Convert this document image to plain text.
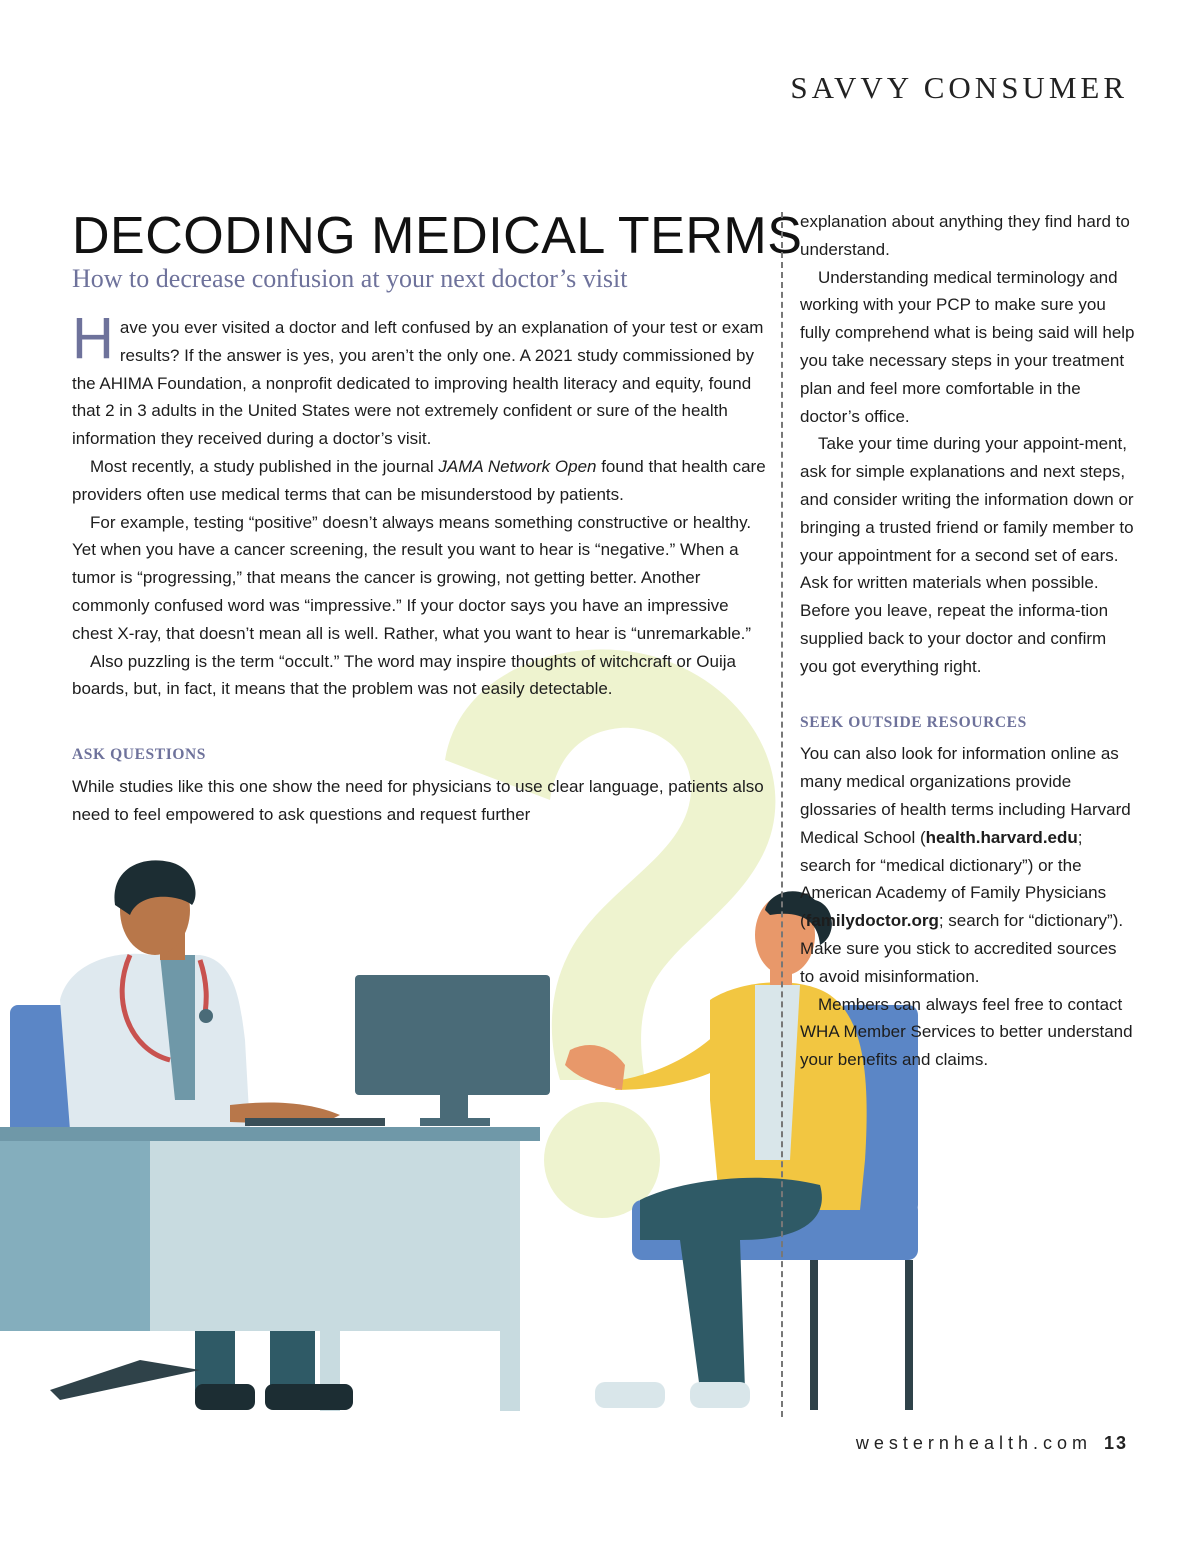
SAVVY CONSUMER
DECODING MEDICAL TERMS
How to decrease confusion at your next doctor’s visit

Have you ever visited a doctor and left confused by an explanation of your test or exam results? If the answer is yes, you aren’t the only one. A 2021 study commissioned by the AHIMA Foundation, a nonprofit dedicated to improving health literacy and equity, found that 2 in 3 adults in the United States were not extremely confident or sure of the health information they received during a doctor’s visit.

Most recently, a study published in the journal JAMA Network Open found that health care providers often use medical terms that can be misunderstood by patients.

For example, testing “positive” doesn’t always means something constructive or healthy. Yet when you have a cancer screening, the result you want to hear is “negative.” When a tumor is “progressing,” that means the cancer is growing, not getting better. Another commonly confused word was “impressive.” If your doctor says you have an impressive chest X-ray, that doesn’t mean all is well. Rather, what you want to hear is “unremarkable.”

Also puzzling is the term “occult.” The word may inspire thoughts of witchcraft or Ouija boards, but, in fact, it means that the problem was not easily detectable.

ASK QUESTIONS

While studies like this one show the need for physicians to use clear language, patients also need to feel empowered to ask questions and request further

explanation about anything they find hard to understand.

Understanding medical terminology and working with your PCP to make sure you fully comprehend what is being said will help you take necessary steps in your treatment plan and feel more comfortable in the doctor’s office.

Take your time during your appoint-ment, ask for simple explanations and next steps, and consider writing the information down or bringing a trusted friend or family member to your appointment for a second set of ears. Ask for written materials when possible. Before you leave, repeat the informa-tion supplied back to your doctor and confirm you got everything right.

SEEK OUTSIDE RESOURCES

You can also look for information online as many medical organizations provide glossaries of health terms including Harvard Medical School (health.harvard.edu; search for “medical dictionary”) or the American Academy of Family Physicians (familydoctor.org; search for “dictionary”). Make sure you stick to accredited sources to avoid misinformation.

Members can always feel free to contact WHA Member Services to better understand your benefits and claims.

westernhealth.com 13
